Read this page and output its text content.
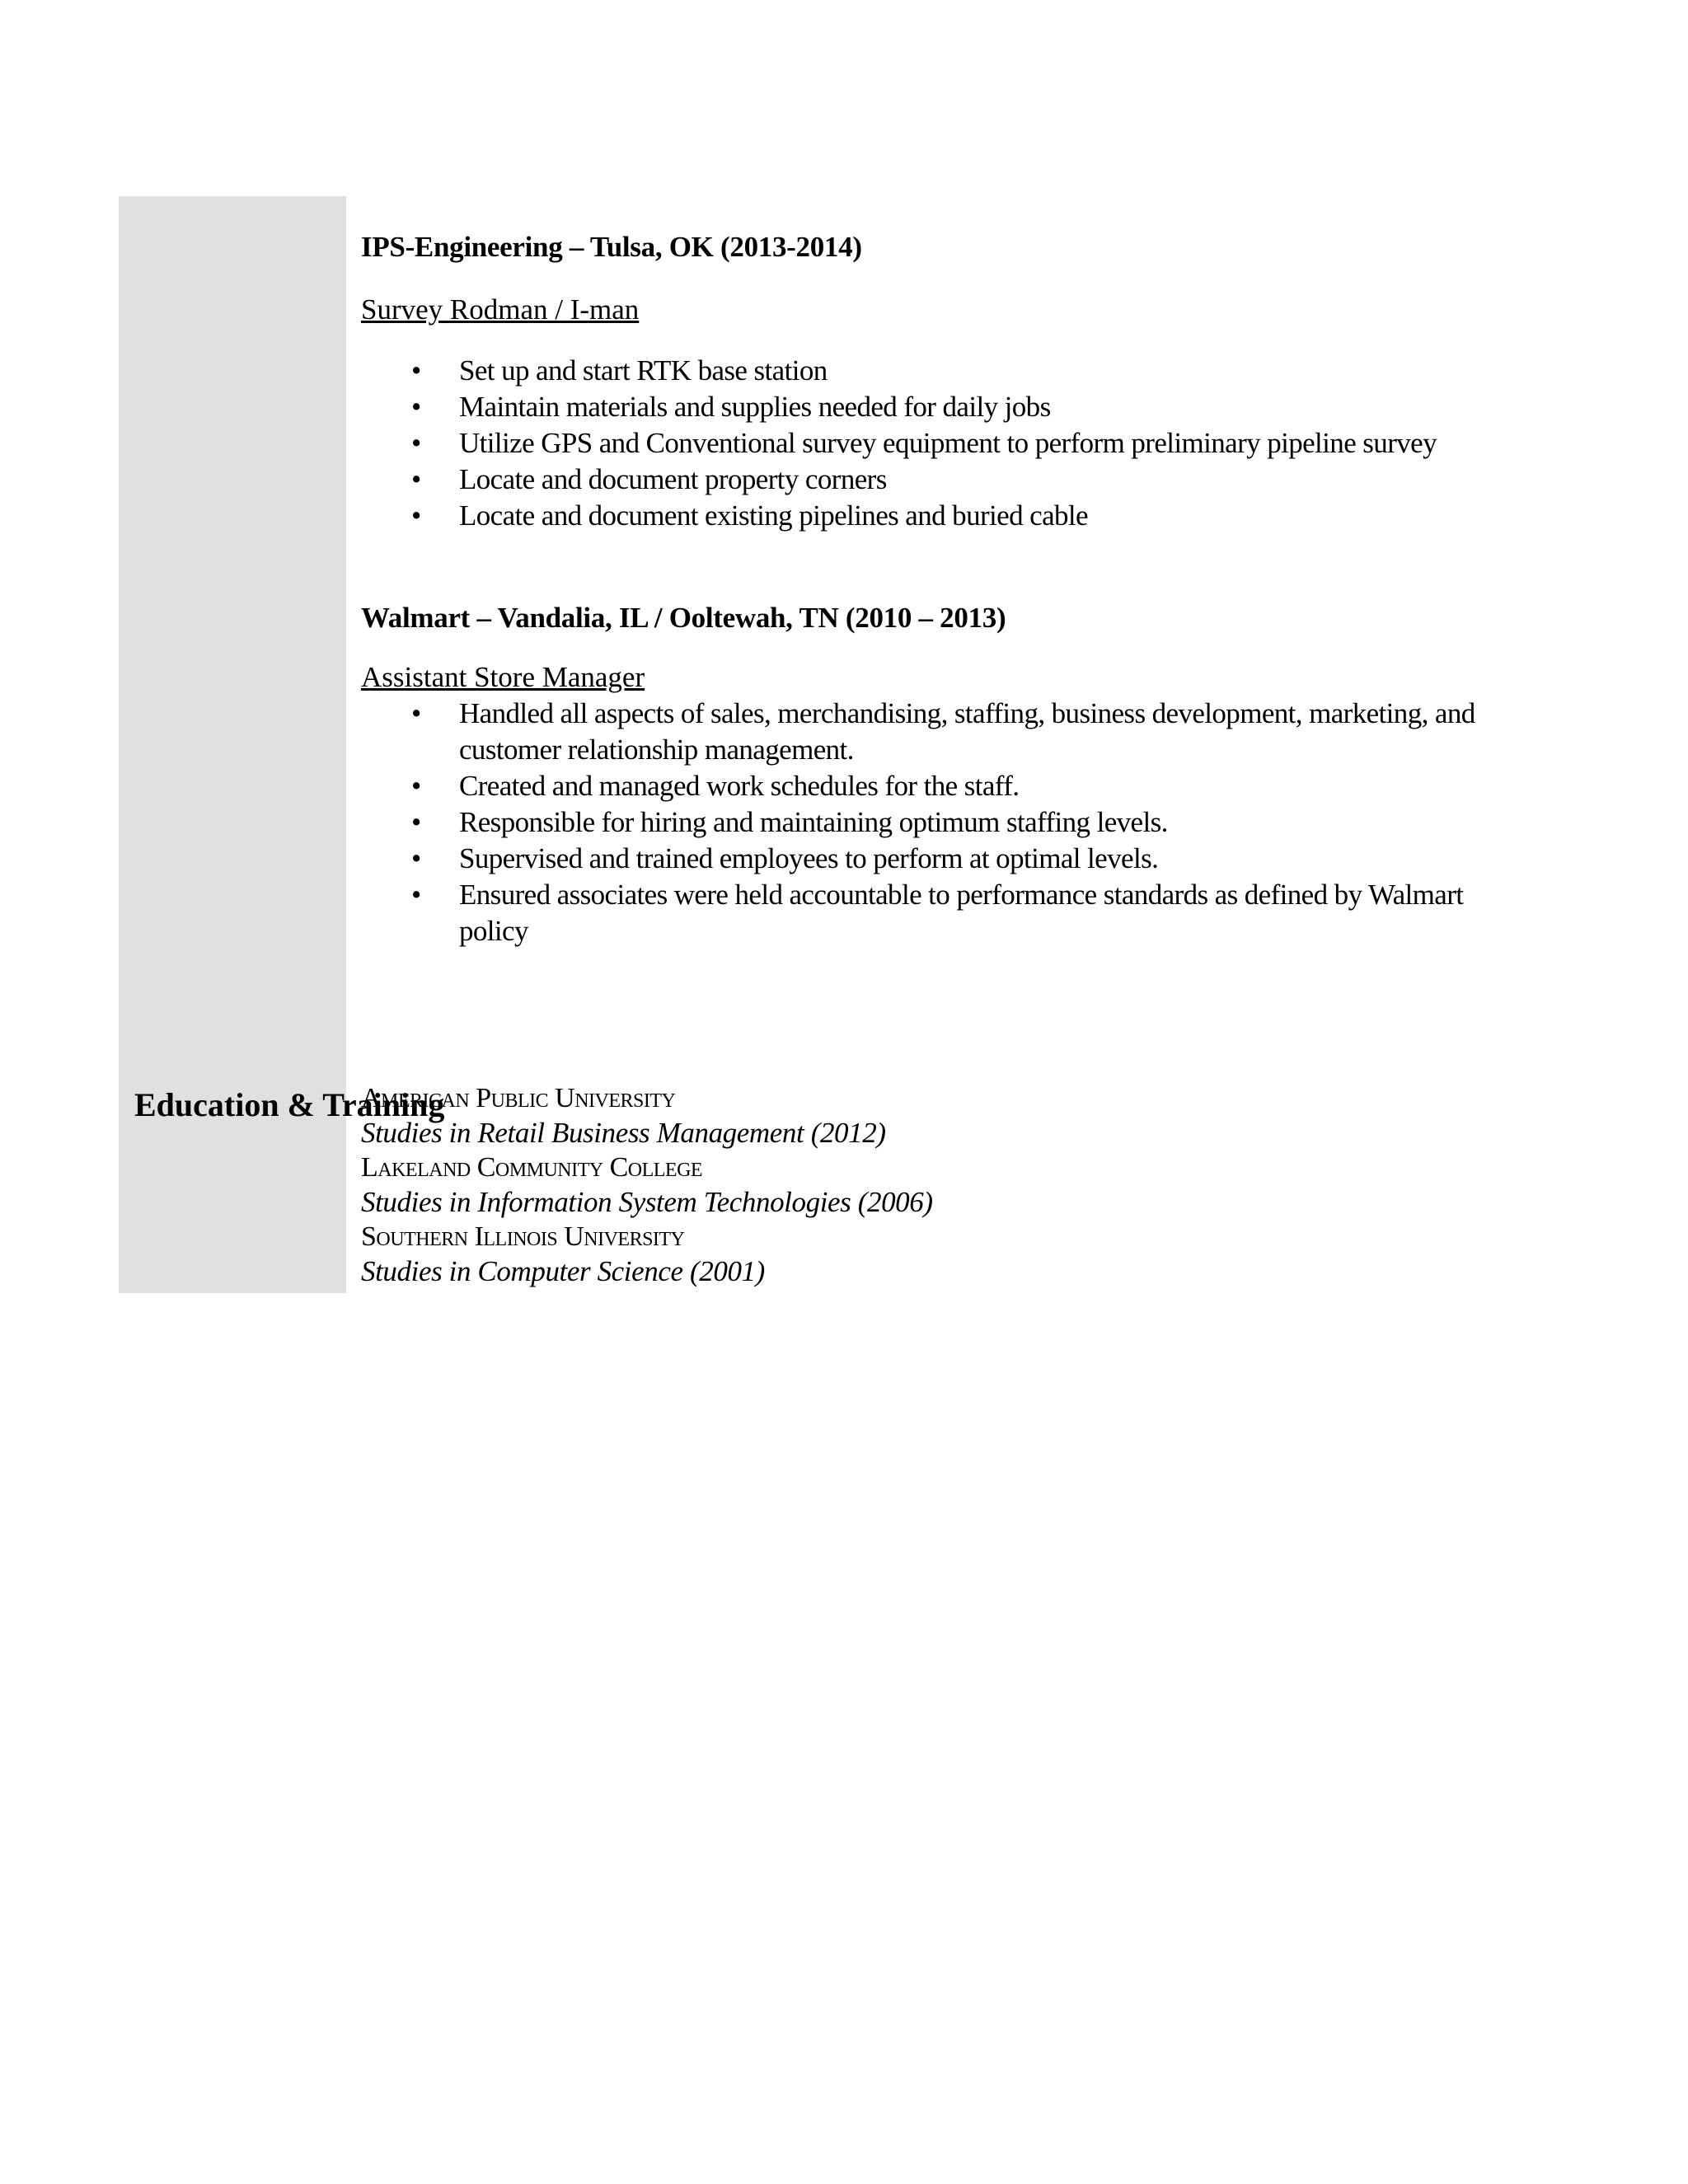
Education & Training

IPS-Engineering – Tulsa, OK (2013-2014)

Survey Rodman / I-man

• Set up and start RTK base station
• Maintain materials and supplies needed for daily jobs
• Utilize GPS and Conventional survey equipment to perform preliminary pipeline survey
• Locate and document property corners
• Locate and document existing pipelines and buried cable

Walmart – Vandalia, IL / Ooltewah, TN (2010 – 2013)

Assistant Store Manager

• Handled all aspects of sales, merchandising, staffing, business development, marketing, and customer relationship management.
• Created and managed work schedules for the staff.
• Responsible for hiring and maintaining optimum staffing levels.
• Supervised and trained employees to perform at optimal levels.
• Ensured associates were held accountable to performance standards as defined by Walmart policy

American Public University

Studies in Retail Business Management (2012)

Lakeland Community College

Studies in Information System Technologies (2006)

Southern Illinois University

Studies in Computer Science (2001)
